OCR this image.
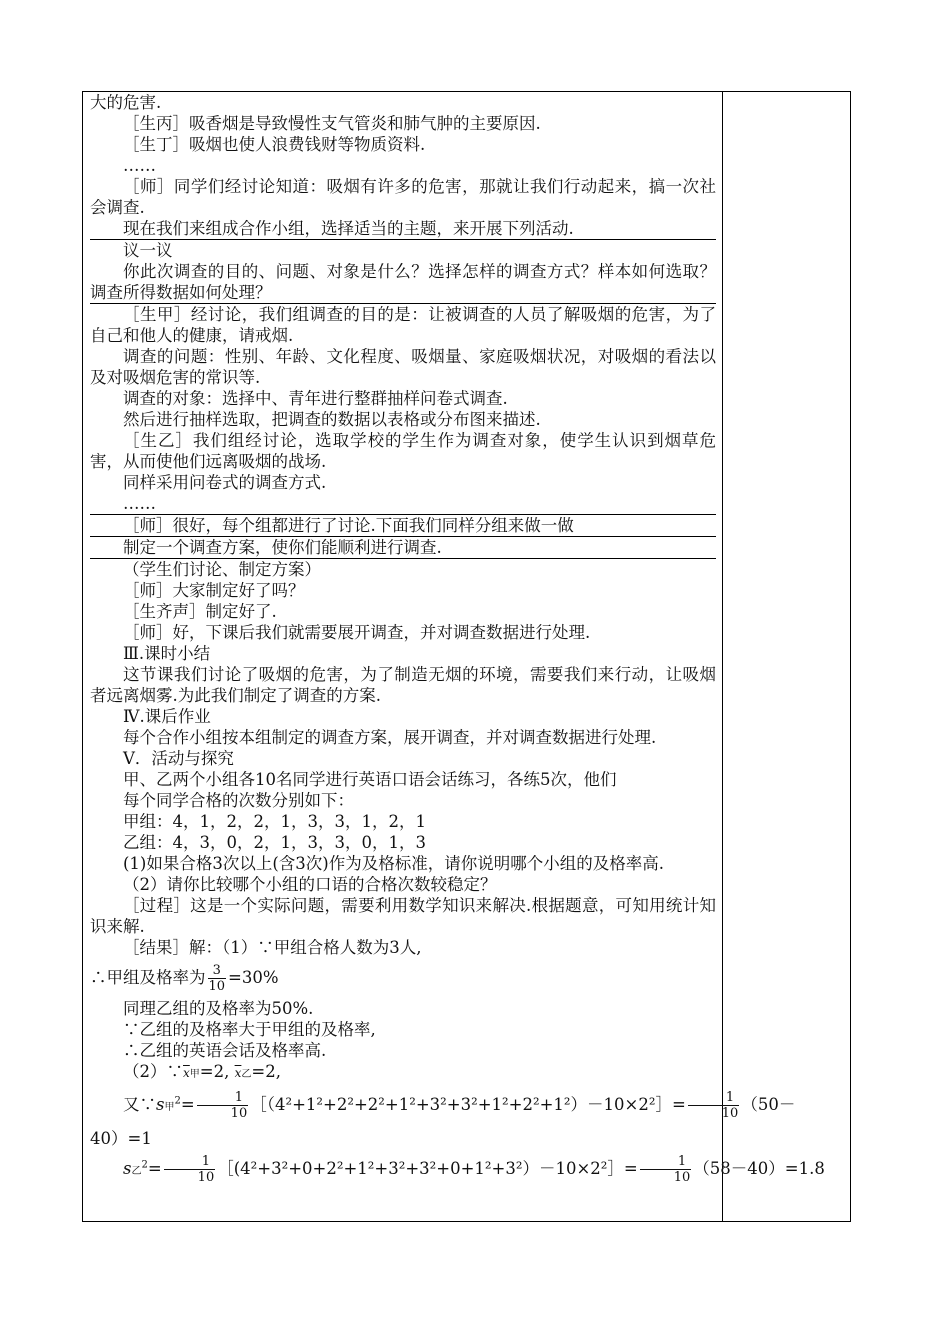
大的危害.

［生丙］吸香烟是导致慢性支气管炎和肺气肿的主要原因.

［生丁］吸烟也使人浪费钱财等物质资料.

……

［师］同学们经讨论知道：吸烟有许多的危害，那就让我们行动起来，搞一次社会调查.

现在我们来组成合作小组，选择适当的主题，来开展下列活动.

议一议

你此次调查的目的、问题、对象是什么？选择怎样的调查方式？样本如何选取？调查所得数据如何处理？

［生甲］经讨论，我们组调查的目的是：让被调查的人员了解吸烟的危害，为了自己和他人的健康，请戒烟.

调查的问题：性别、年龄、文化程度、吸烟量、家庭吸烟状况，对吸烟的看法以及对吸烟危害的常识等.

调查的对象：选择中、青年进行整群抽样问卷式调查.

然后进行抽样选取，把调查的数据以表格或分布图来描述.

［生乙］我们组经讨论，选取学校的学生作为调查对象，使学生认识到烟草危害，从而使他们远离吸烟的战场.

同样采用问卷式的调查方式.

……

［师］很好，每个组都进行了讨论.下面我们同样分组来做一做

制定一个调查方案，使你们能顺利进行调查.

（学生们讨论、制定方案）

［师］大家制定好了吗？

［生齐声］制定好了.

［师］好，下课后我们就需要展开调查，并对调查数据进行处理.

Ⅲ.课时小结

这节课我们讨论了吸烟的危害，为了制造无烟的环境，需要我们来行动，让吸烟者远离烟雾.为此我们制定了调查的方案.

Ⅳ.课后作业

每个合作小组按本组制定的调查方案，展开调查，并对调查数据进行处理.

Ⅴ．活动与探究

甲、乙两个小组各10名同学进行英语口语会话练习，各练5次，他们

每个同学合格的次数分别如下：

甲组：4，1，2，2，1，3，3，1，2，1

乙组：4，3，0，2，1，3，3，0，1，3

(1)如果合格3次以上(含3次)作为及格标准，请你说明哪个小组的及格率高.

（2）请你比较哪个小组的口语的合格次数较稳定？

［过程］这是一个实际问题，需要利用数学知识来解决.根据题意，可知用统计知识来解.

［结果］解：（1）∵甲组合格人数为3人,

∴甲组及格率为 $\frac{3}{10} =30\%$

同理乙组的及格率为50%.

∵乙组的及格率大于甲组的及格率,

∴乙组的英语会话及格率高.

$(2)\because\overline{x}$甲=2, $\overline{x}$乙=2,

又∵s甲$^2= \frac{1}{10}$ ［（4²+1²+2²+2²+1²+3²+3²+1²+2²+1²）－10×2²］= $\frac{1}{10} (50-$

40）=1

s乙$^2= \frac{1}{10}$ ［(4²+3²+0+2²+1²+3²+3²+0+1²+3²）－10×2²］= $\frac{1}{10} (58-40)=1.8$
